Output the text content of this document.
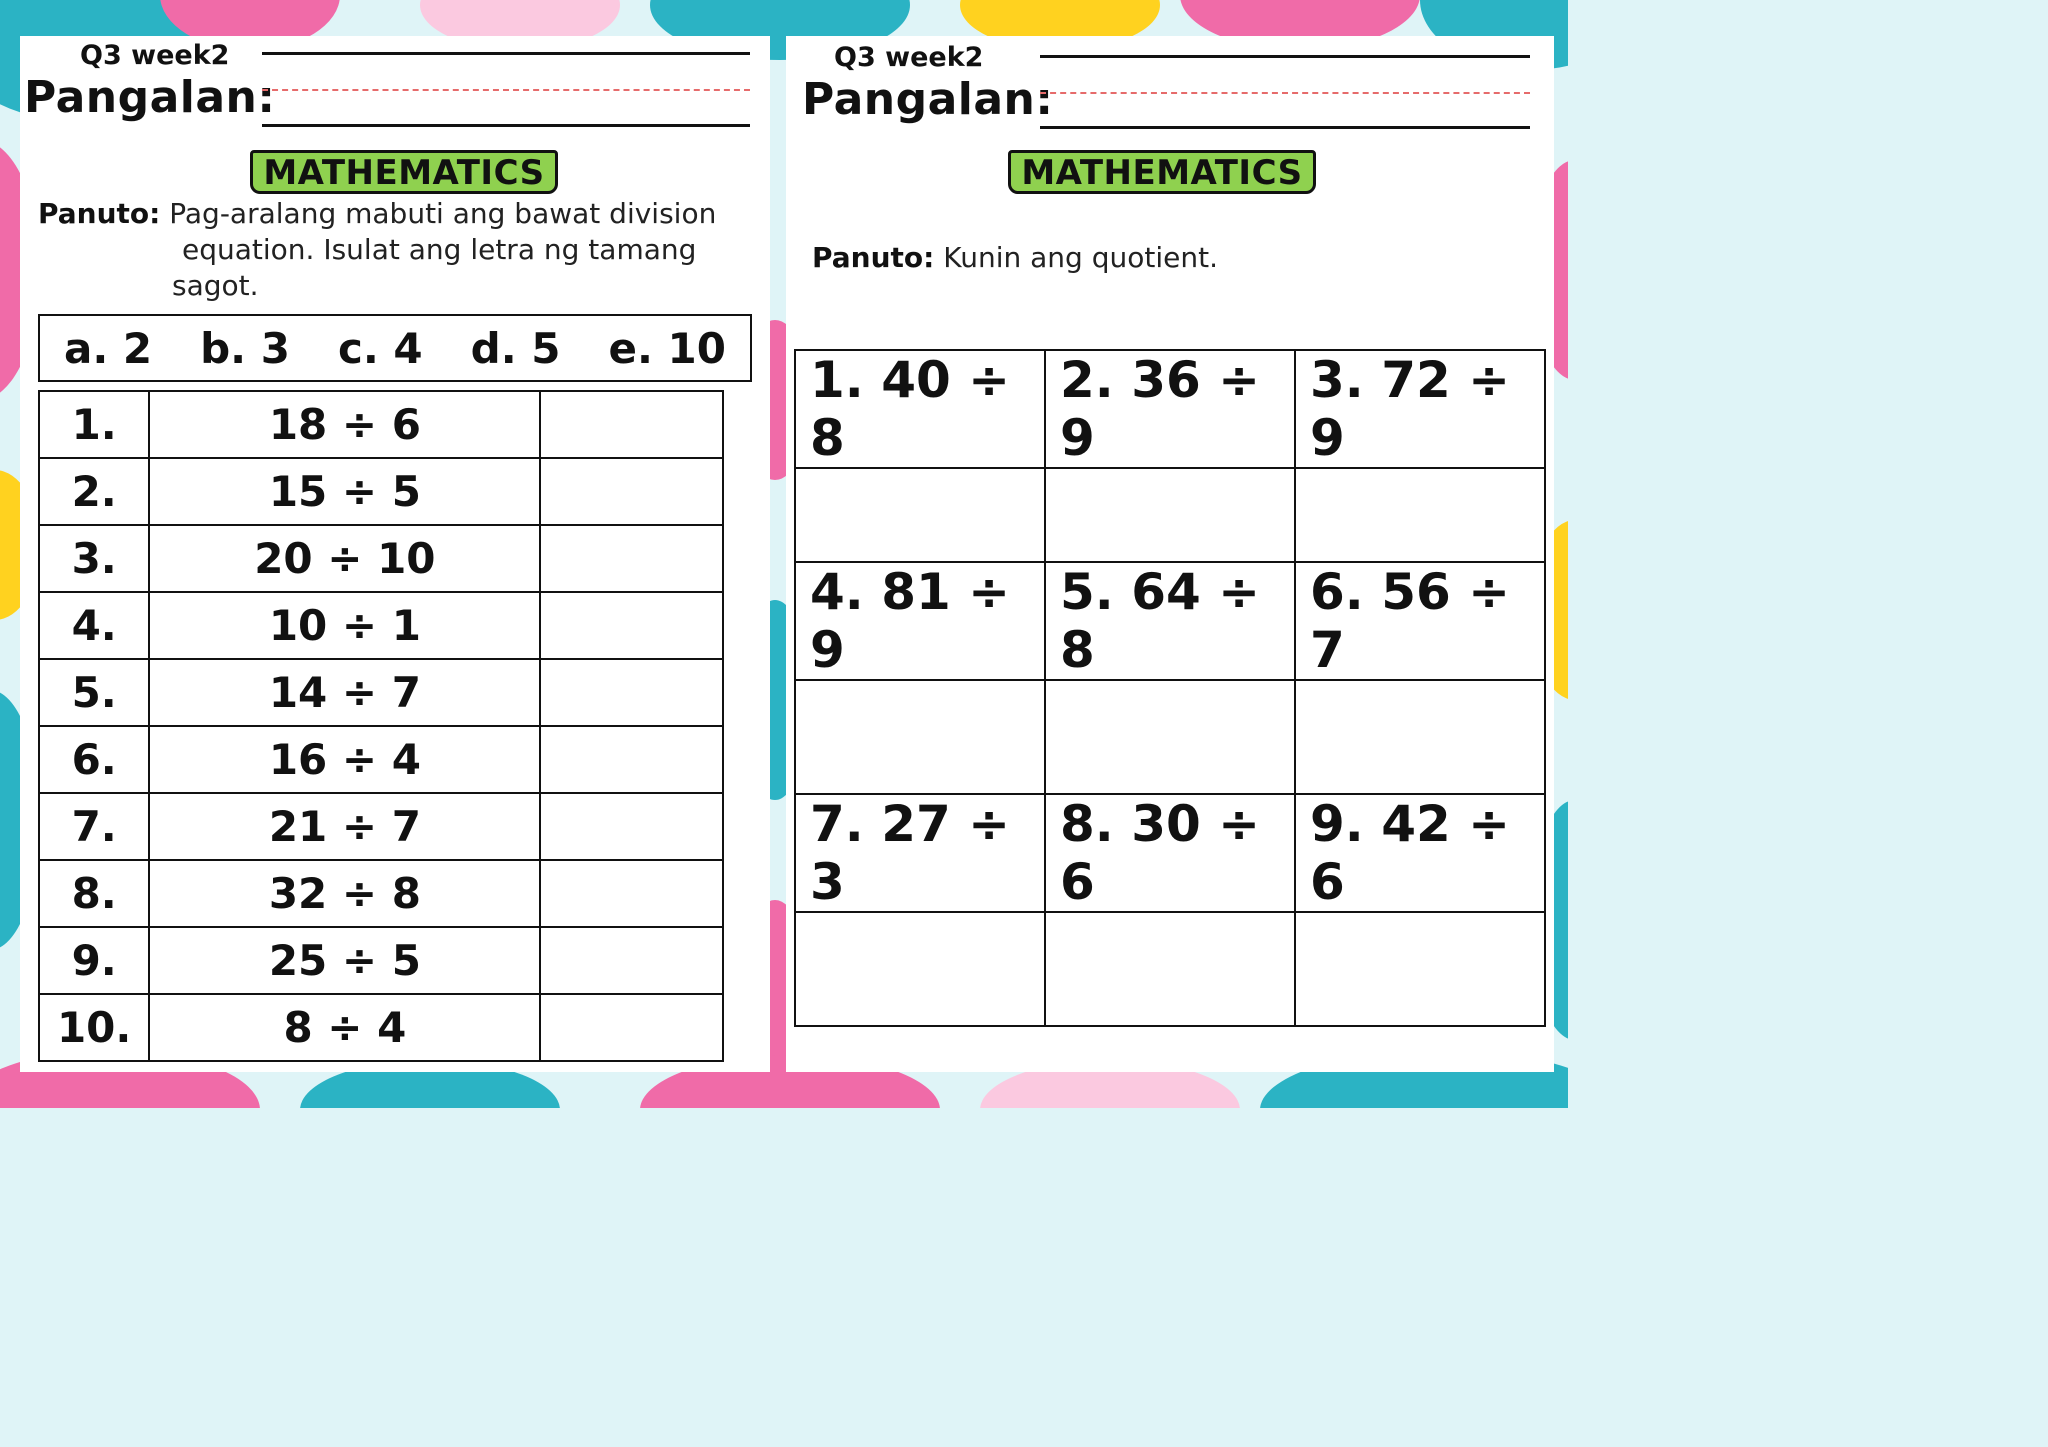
Q3 week2
Pangalan:
MATHEMATICS
Panuto: Pag-aralang mabuti ang bawat division
equation. Isulat ang letra ng tamang
sagot.
a. 2 b. 3 c. 4 d. 5 e. 10
1.	18 ÷ 6	
2.	15 ÷ 5	
3.	20 ÷ 10	
4.	10 ÷ 1	
5.	14 ÷ 7	
6.	16 ÷ 4	
7.	21 ÷ 7	
8.	32 ÷ 8	
9.	25 ÷ 5	
10.	8 ÷ 4	
Q3 week2
Pangalan:
MATHEMATICS
Panuto: Kunin ang quotient.
1. 40 ÷ 8	2. 36 ÷ 9	3. 72 ÷ 9

4. 81 ÷ 9	5. 64 ÷ 8	6. 56 ÷ 7

7. 27 ÷ 3	8. 30 ÷ 6	9. 42 ÷ 6
